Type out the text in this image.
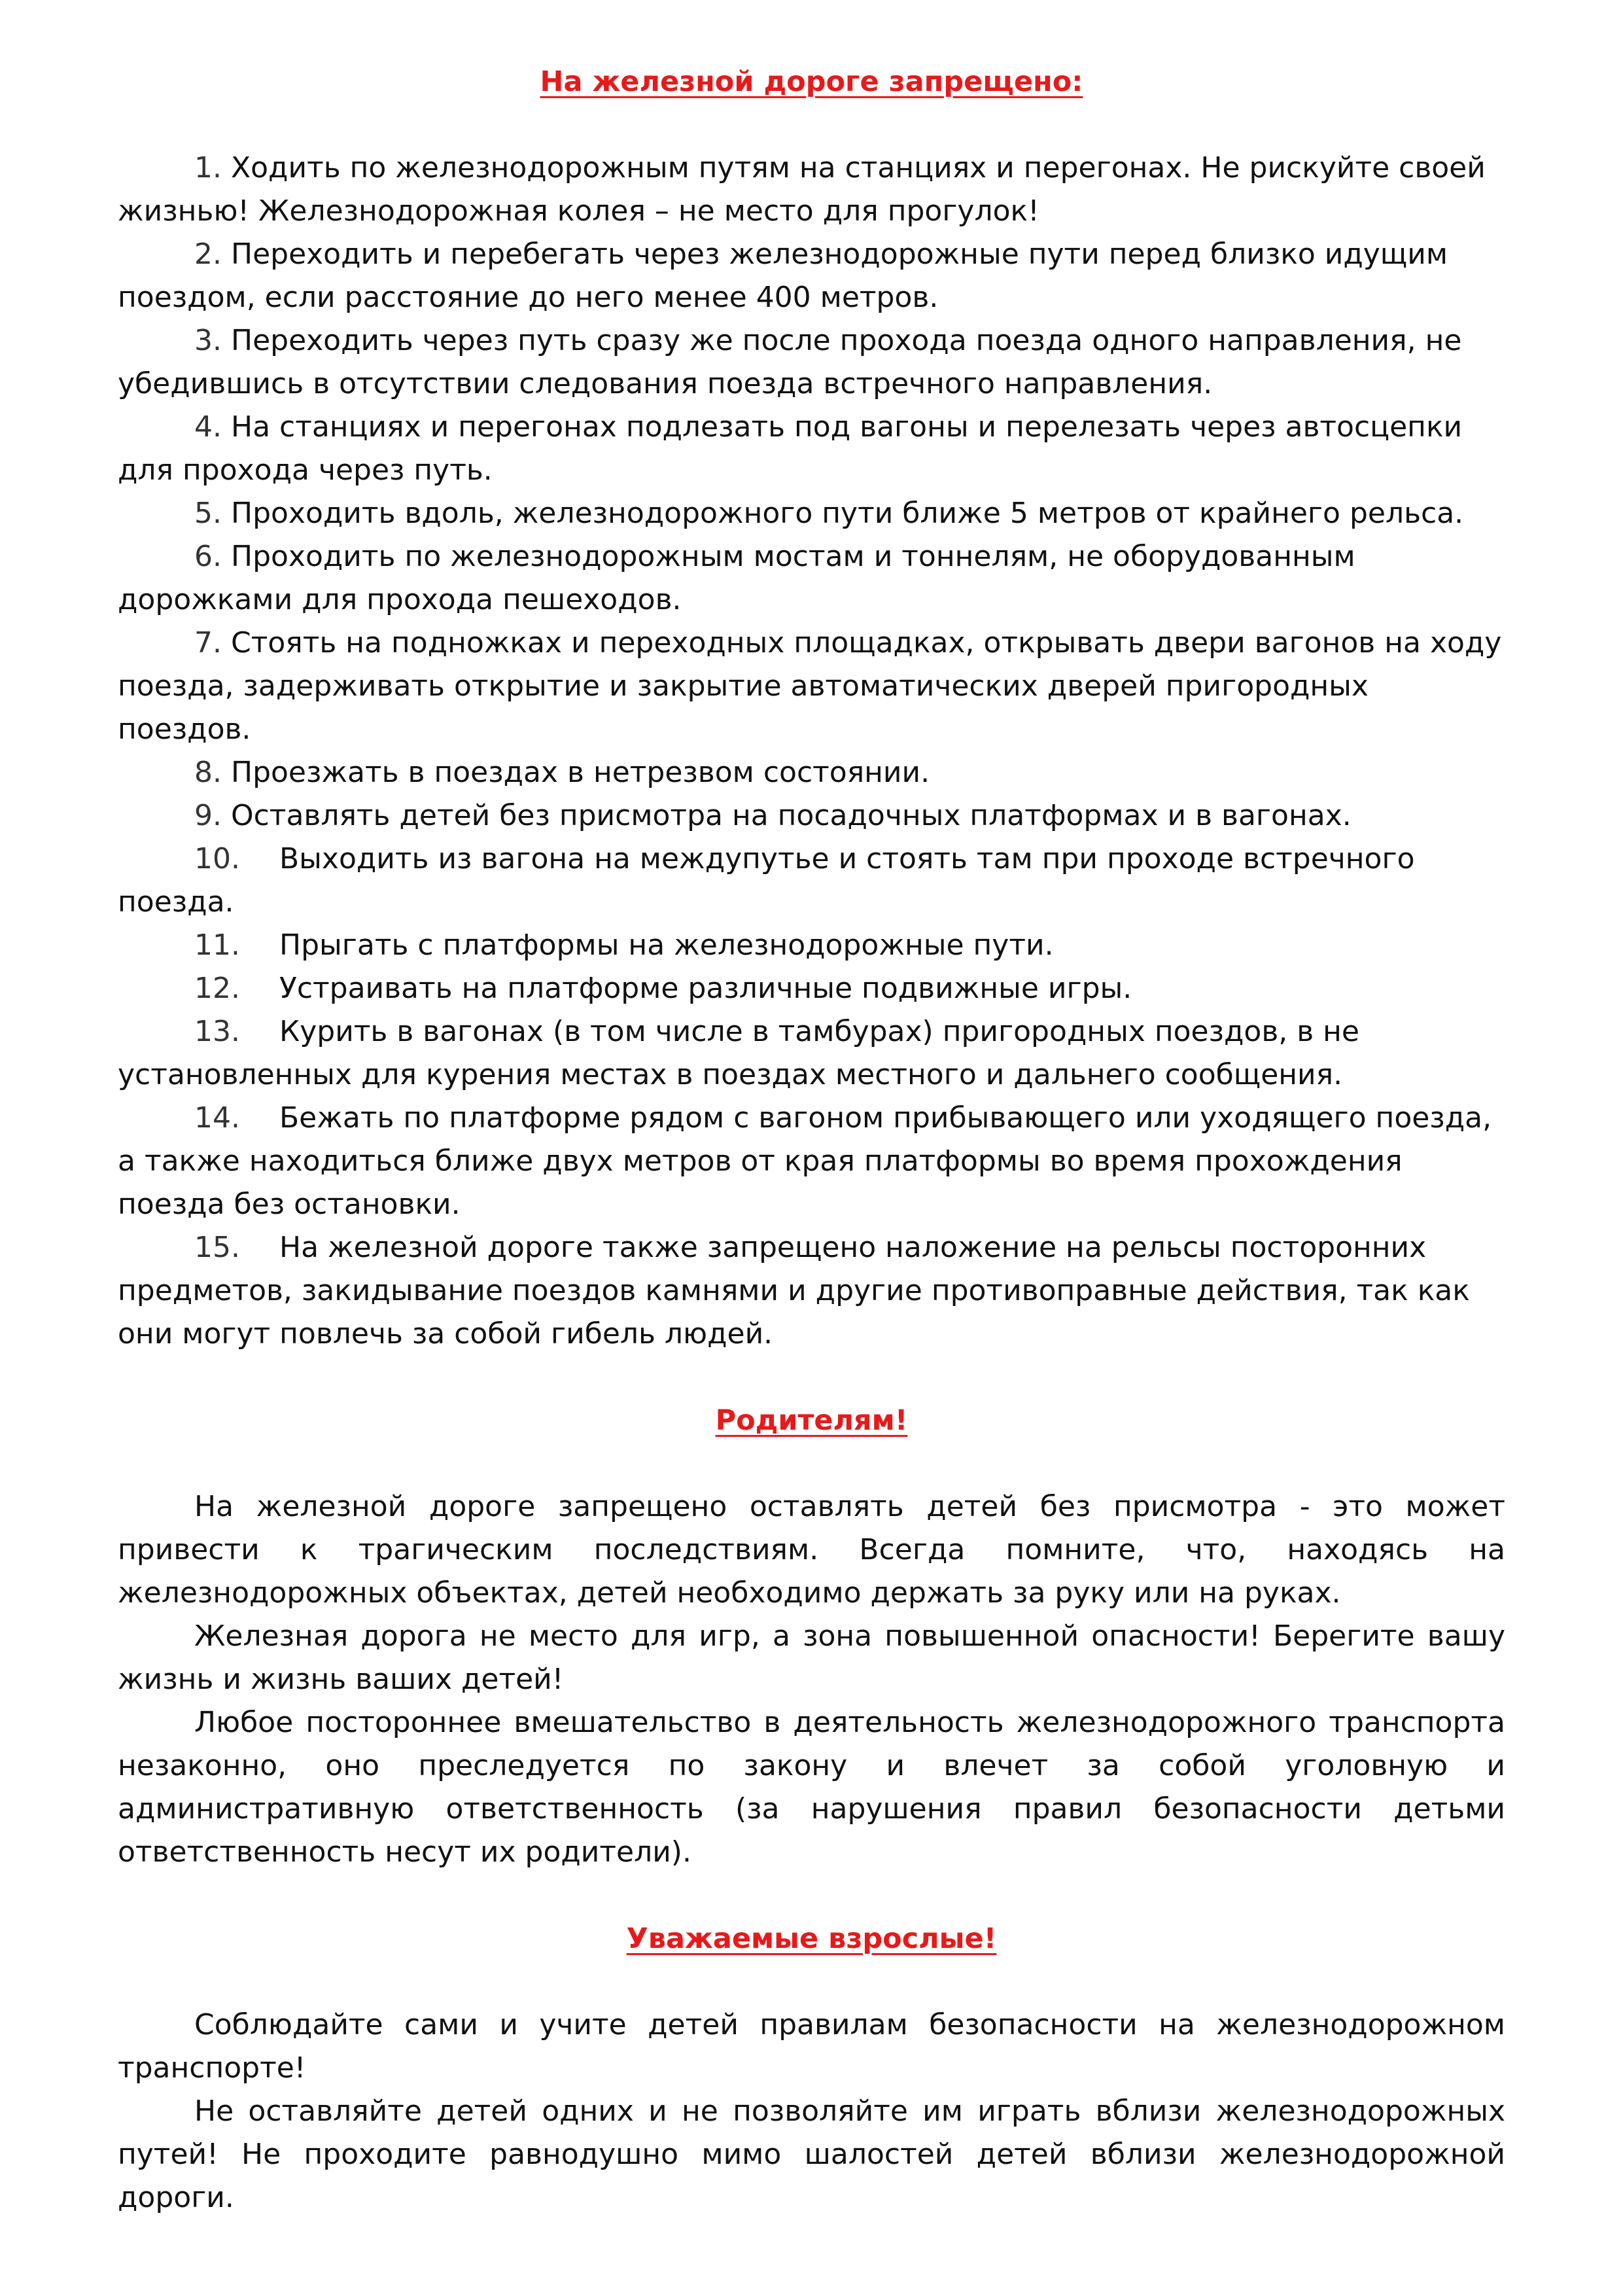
На железной дороге запрещено:

1. Ходить по железнодорожным путям на станциях и перегонах. Не рискуйте своей жизнью! Железнодорожная колея – не место для прогулок!

2. Переходить и перебегать через железнодорожные пути перед близко идущим поездом, если расстояние до него менее 400 метров.

3. Переходить через путь сразу же после прохода поезда одного направления, не убедившись в отсутствии следования поезда встречного направления.

4. На станциях и перегонах подлезать под вагоны и перелезать через автосцепки для прохода через путь.

5. Проходить вдоль, железнодорожного пути ближе 5 метров от крайнего рельса.

6. Проходить по железнодорожным мостам и тоннелям, не оборудованным дорожками для прохода пешеходов.

7. Стоять на подножках и переходных площадках, открывать двери вагонов на ходу поезда, задерживать открытие и закрытие автоматических дверей пригородных поездов.

8. Проезжать в поездах в нетрезвом состоянии.

9. Оставлять детей без присмотра на посадочных платформах и в вагонах.

10. Выходить из вагона на междупутье и стоять там при проходе встречного поезда.

11. Прыгать с платформы на железнодорожные пути.

12. Устраивать на платформе различные подвижные игры.

13. Курить в вагонах (в том числе в тамбурах) пригородных поездов, в не установленных для курения местах в поездах местного и дальнего сообщения.

14. Бежать по платформе рядом с вагоном прибывающего или уходящего поезда, а также находиться ближе двух метров от края платформы во время прохождения поезда без остановки.

15. На железной дороге также запрещено наложение на рельсы посторонних предметов, закидывание поездов камнями и другие противоправные действия, так как они могут повлечь за собой гибель людей.

Родителям!

На железной дороге запрещено оставлять детей без присмотра - это может привести к трагическим последствиям. Всегда помните, что, находясь на железнодорожных объектах, детей необходимо держать за руку или на руках.

Железная дорога не место для игр, а зона повышенной опасности! Берегите вашу жизнь и жизнь ваших детей!

Любое постороннее вмешательство в деятельность железнодорожного транспорта незаконно, оно преследуется по закону и влечет за собой уголовную и административную ответственность (за нарушения правил безопасности детьми ответственность несут их родители).

Уважаемые взрослые!

Соблюдайте сами и учите детей правилам безопасности на железнодорожном транспорте!

Не оставляйте детей одних и не позволяйте им играть вблизи железнодорожных путей! Не проходите равнодушно мимо шалостей детей вблизи железнодорожной дороги.
